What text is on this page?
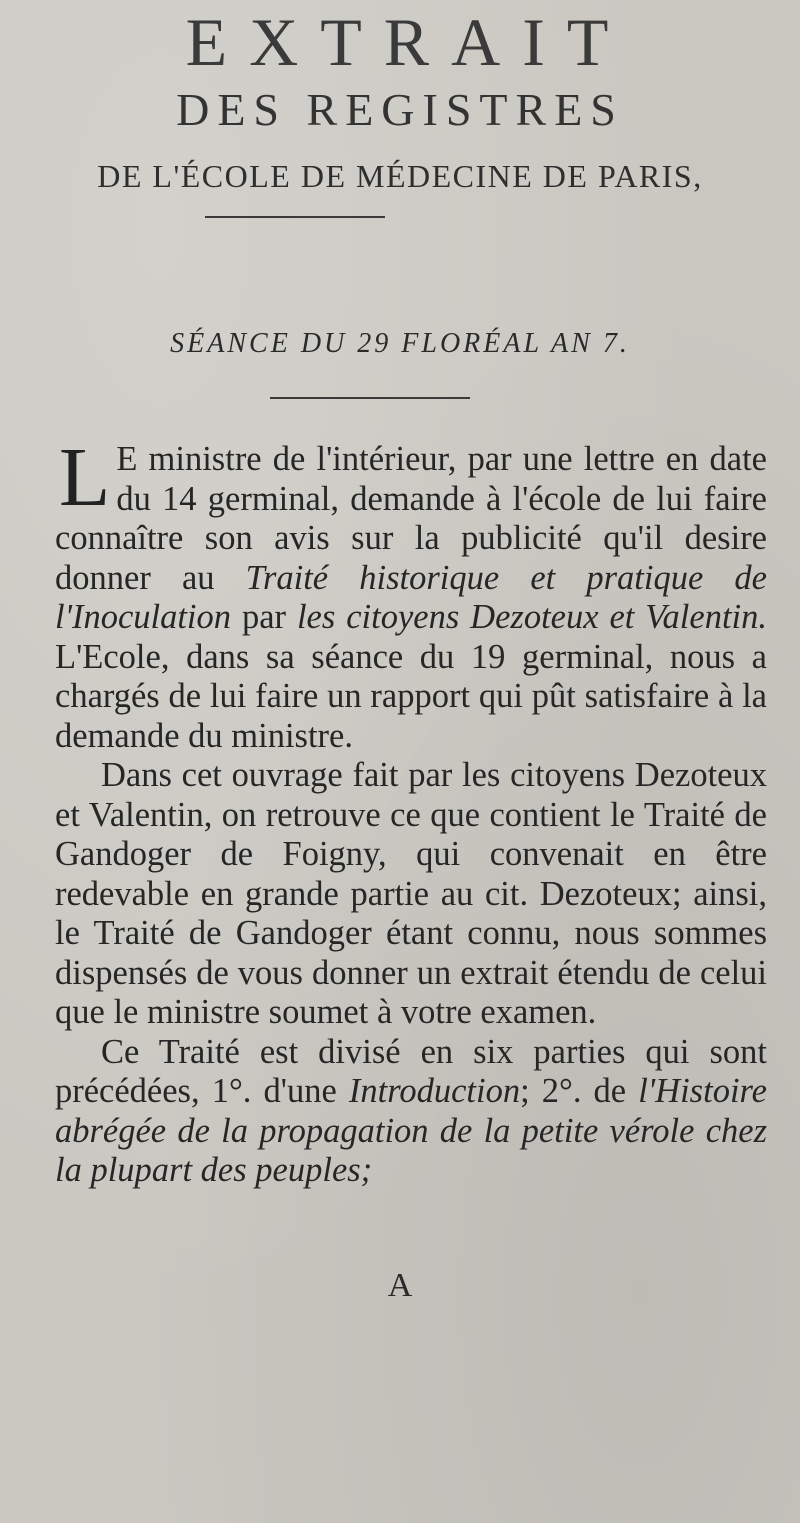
EXTRAIT
DES REGISTRES
DE L'ÉCOLE DE MÉDECINE DE PARIS,
SÉANCE DU 29 FLORÉAL AN 7.

L E ministre de l'intérieur, par une lettre en date du 14 germinal, demande à l'école de lui faire connaître son avis sur la publicité qu'il desire donner au Traité historique et pratique de l'Inoculation par les citoyens Dezoteux et Valentin. L'Ecole, dans sa séance du 19 germinal, nous a chargés de lui faire un rapport qui pût satisfaire à la demande du ministre.

Dans cet ouvrage fait par les citoyens Dezoteux et Valentin, on retrouve ce que contient le Traité de Gandoger de Foigny, qui convenait en être redevable en grande partie au cit. Dezoteux; ainsi, le Traité de Gandoger étant connu, nous sommes dispensés de vous donner un extrait étendu de celui que le ministre soumet à votre examen.

Ce Traité est divisé en six parties qui sont précédées, 1°. d'une Introduction; 2°. de l'Histoire abrégée de la propagation de la petite vérole chez la plupart des peuples;

A
